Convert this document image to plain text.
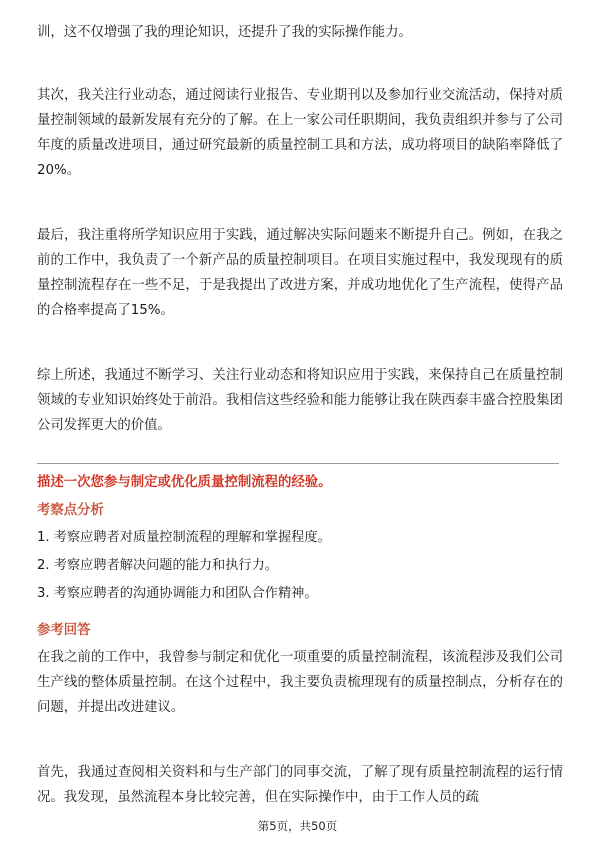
训，这不仅增强了我的理论知识，还提升了我的实际操作能力。

其次，我关注行业动态，通过阅读行业报告、专业期刊以及参加行业交流活动，保持对质量控制领域的最新发展有充分的了解。在上一家公司任职期间，我负责组织并参与了公司年度的质量改进项目，通过研究最新的质量控制工具和方法，成功将项目的缺陷率降低了20%。

最后，我注重将所学知识应用于实践，通过解决实际问题来不断提升自己。例如，在我之前的工作中，我负责了一个新产品的质量控制项目。在项目实施过程中，我发现现有的质量控制流程存在一些不足，于是我提出了改进方案，并成功地优化了生产流程，使得产品的合格率提高了15%。

综上所述，我通过不断学习、关注行业动态和将知识应用于实践，来保持自己在质量控制领域的专业知识始终处于前沿。我相信这些经验和能力能够让我在陕西泰丰盛合控股集团公司发挥更大的价值。

描述一次您参与制定或优化质量控制流程的经验。

考察点分析

1. 考察应聘者对质量控制流程的理解和掌握程度。

2. 考察应聘者解决问题的能力和执行力。

3. 考察应聘者的沟通协调能力和团队合作精神。

参考回答

在我之前的工作中，我曾参与制定和优化一项重要的质量控制流程，该流程涉及我们公司生产线的整体质量控制。在这个过程中，我主要负责梳理现有的质量控制点，分析存在的问题，并提出改进建议。

首先，我通过查阅相关资料和与生产部门的同事交流，了解了现有质量控制流程的运行情况。我发现，虽然流程本身比较完善，但在实际操作中，由于工作人员的疏

第5页，共50页
